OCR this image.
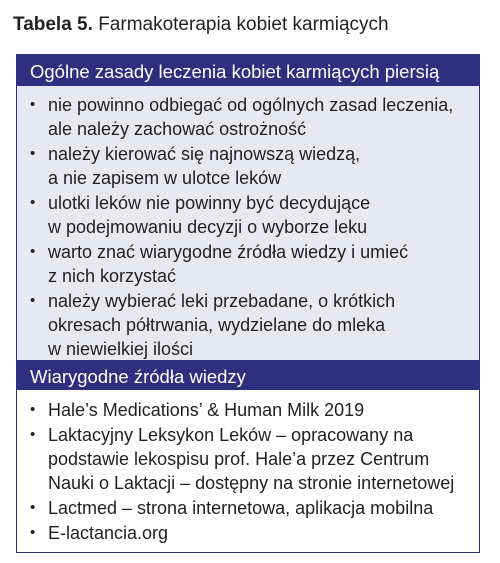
Tabela 5. Farmakoterapia kobiet karmiących
Ogólne zasady leczenia kobiet karmiących piersią
• nie powinno odbiegać od ogólnych zasad leczenia,
ale należy zachować ostrożność
• należy kierować się najnowszą wiedzą,
a nie zapisem w ulotce leków
• ulotki leków nie powinny być decydujące
w podejmowaniu decyzji o wyborze leku
• warto znać wiarygodne źródła wiedzy i umieć
z nich korzystać
• należy wybierać leki przebadane, o krótkich
okresach półtrwania, wydzielane do mleka
w niewielkiej ilości
Wiarygodne źródła wiedzy
• Hale’s Medications’ & Human Milk 2019
• Laktacyjny Leksykon Leków – opracowany na
podstawie lekospisu prof. Hale’a przez Centrum
Nauki o Laktacji – dostępny na stronie internetowej
• Lactmed – strona internetowa, aplikacja mobilna
• E-lactancia.org
